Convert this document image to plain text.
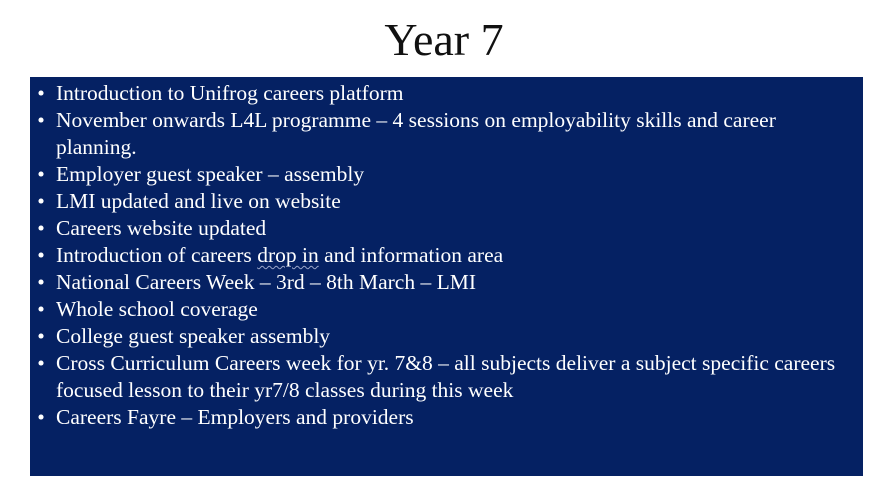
Year 7
• Introduction to Unifrog careers platform
• November onwards L4L programme – 4 sessions on employability skills and career planning.
• Employer guest speaker – assembly
• LMI updated and live on website
• Careers website updated
• Introduction of careers drop in and information area
• National Careers Week – 3rd – 8th March – LMI
• Whole school coverage
• College guest speaker assembly
• Cross Curriculum Careers week for yr. 7&8 – all subjects deliver a subject specific careers focused lesson to their yr7/8 classes during this week
• Careers Fayre – Employers and providers
